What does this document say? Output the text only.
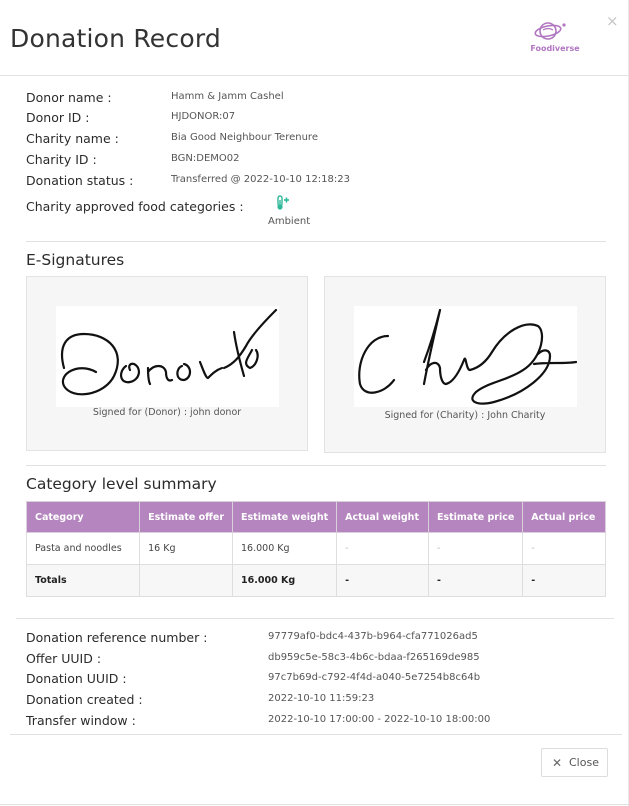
Donation Record	Foodiverse
×
Donor name :	Hamm & Jamm Cashel
Donor ID :	HJDONOR:07
Charity name :	Bia Good Neighbour Terenure
Charity ID :	BGN:DEMO02
Donation status :	Transferred @ 2022-10-10 12:18:23
Charity approved food categories :
Ambient
E-Signatures
Signed for (Donor) : john donor	Signed for (Charity) : John Charity
Category level summary
Category	Estimate offer	Estimate weight	Actual weight	Estimate price	Actual price
Pasta and noodles	16 Kg	16.000 Kg	-	-	-
Totals		16.000 Kg	-	-	-
Donation reference number :	97779af0-bdc4-437b-b964-cfa771026ad5
Offer UUID :	db959c5e-58c3-4b6c-bdaa-f265169de985
Donation UUID :	97c7b69d-c792-4f4d-a040-5e7254b8c64b
Donation created :	2022-10-10 11:59:23
Transfer window :	2022-10-10 17:00:00 - 2022-10-10 18:00:00
✕ Close
